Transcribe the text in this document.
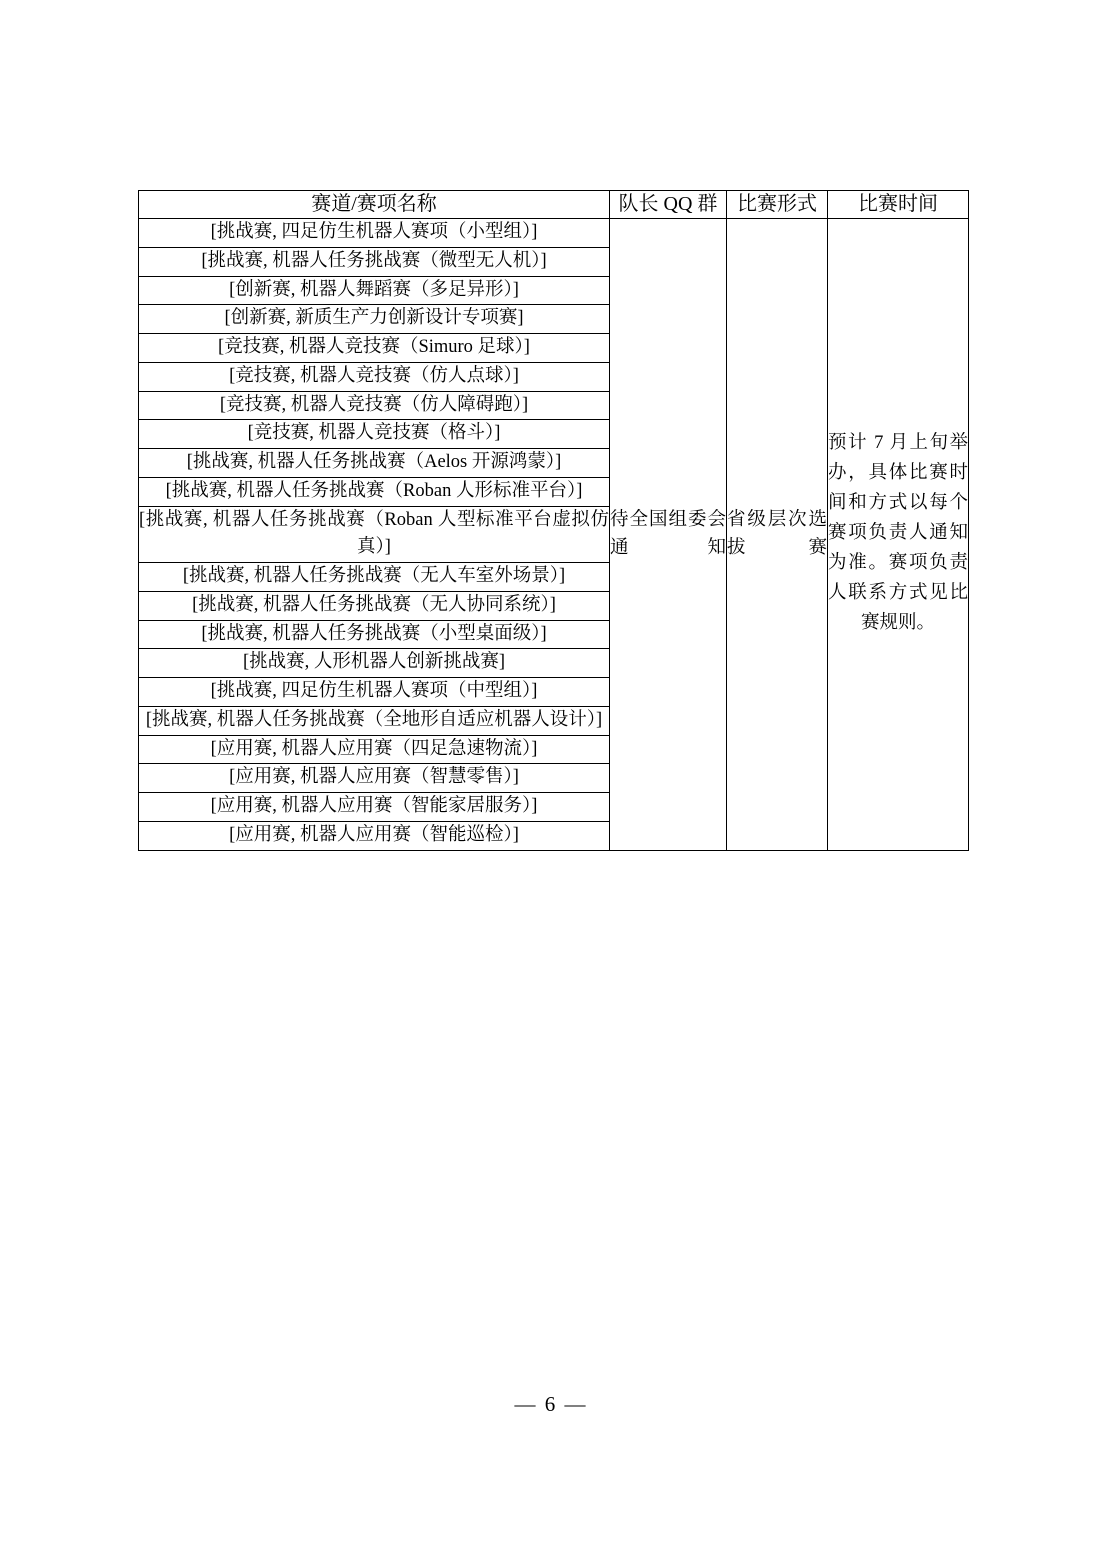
赛道/赛项名称	队长 QQ 群	比赛形式	比赛时间
[挑战赛, 四足仿生机器人赛项（小型组）]	待全国组委会通知	省级层次选拔赛	预计 7 月上旬举办，具体比赛时间和方式以每个赛项负责人通知为准。赛项负责人联系方式见比赛规则。

[挑战赛, 机器人任务挑战赛（微型无人机）]			
[创新赛, 机器人舞蹈赛（多足异形）]			
[创新赛, 新质生产力创新设计专项赛]			
[竞技赛, 机器人竞技赛（Simuro 足球）]			
[竞技赛, 机器人竞技赛（仿人点球）]			
[竞技赛, 机器人竞技赛（仿人障碍跑）]			
[竞技赛, 机器人竞技赛（格斗）]			
[挑战赛, 机器人任务挑战赛（Aelos 开源鸿蒙）]			
[挑战赛, 机器人任务挑战赛（Roban 人形标准平台）]			
[挑战赛, 机器人任务挑战赛（Roban 人型标准平台虚拟仿真）]			
[挑战赛, 机器人任务挑战赛（无人车室外场景）]			
[挑战赛, 机器人任务挑战赛（无人协同系统）]			
[挑战赛, 机器人任务挑战赛（小型桌面级）]			
[挑战赛, 人形机器人创新挑战赛]			
[挑战赛, 四足仿生机器人赛项（中型组）]			
[挑战赛, 机器人任务挑战赛（全地形自适应机器人设计）]			
[应用赛, 机器人应用赛（四足急速物流）]			
[应用赛, 机器人应用赛（智慧零售）]			
[应用赛, 机器人应用赛（智能家居服务）]			
[应用赛, 机器人应用赛（智能巡检）]			
— 6 —
